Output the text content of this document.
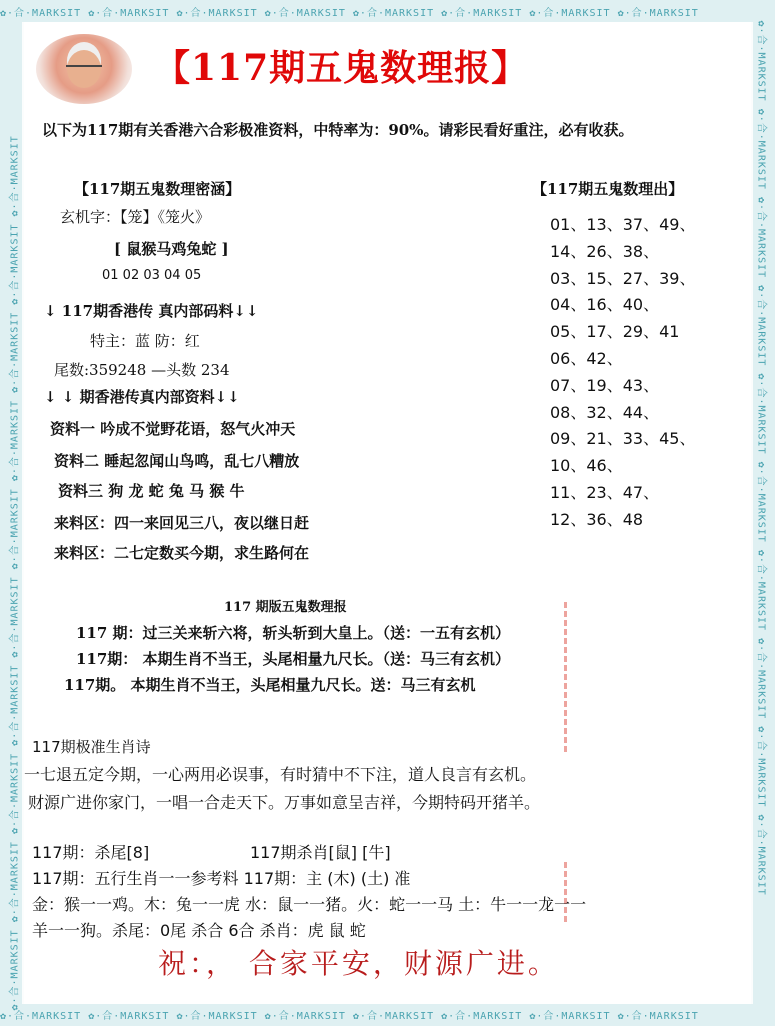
✿·合·MARKSIT ✿·合·MARKSIT ✿·合·MARKSIT ✿·合·MARKSIT ✿·合·MARKSIT ✿·合·MARKSIT ✿·合·MARKSIT ✿·合·MARKSIT
✿·合·MARKSIT ✿·合·MARKSIT ✿·合·MARKSIT ✿·合·MARKSIT ✿·合·MARKSIT ✿·合·MARKSIT ✿·合·MARKSIT ✿·合·MARKSIT
✿·合·MARKSIT ✿·合·MARKSIT ✿·合·MARKSIT ✿·合·MARKSIT ✿·合·MARKSIT ✿·合·MARKSIT ✿·合·MARKSIT ✿·合·MARKSIT ✿·合·MARKSIT ✿·合·MARKSIT	✿·合·MARKSIT ✿·合·MARKSIT ✿·合·MARKSIT ✿·合·MARKSIT ✿·合·MARKSIT ✿·合·MARKSIT ✿·合·MARKSIT ✿·合·MARKSIT ✿·合·MARKSIT ✿·合·MARKSIT
【117期五鬼数理报】
以下为117期有关香港六合彩极准资料，中特率为：90%。请彩民看好重注，必有收获。
【117期五鬼数理密涵】
玄机字：【笼】《笼火》
[ 鼠猴马鸡兔蛇 ]
01 02 03 04 05
↓ 117期香港传 真内部码料↓↓
特主：蓝 防：红
尾数:359248 —头数 234
↓ ↓ 期香港传真内部资料↓↓
资料一 吟成不觉野花语，怒气火冲天
资料二 睡起忽闻山鸟鸣，乱七八糟放
资料三 狗 龙 蛇 兔 马 猴 牛
来料区：四一来回见三八，夜以继日赶
来料区：二七定数买今期，求生路何在
【117期五鬼数理出】
01、13、37、49、
14、26、38、
03、15、27、39、
04、16、40、
05、17、29、41
06、42、
07、19、43、
08、32、44、
09、21、33、45、
10、46、
11、23、47、
12、36、48
117 期版五鬼数理报
117 期：过三关来斩六将，斩头斩到大皇上。（送：一五有玄机）
117期： 本期生肖不当王，头尾相量九尺长。（送：马三有玄机）
117期。 本期生肖不当王，头尾相量九尺长。送：马三有玄机
117期极准生肖诗
一七退五定今期，一心两用必误事，有时猜中不下注，道人良言有玄机。
财源广进你家门，一唱一合走天下。万事如意呈吉祥，今期特码开猪羊。
117期：杀尾[8]	117期杀肖[鼠] [牛]
117期：五行生肖一一参考料 117期：主 (木) (土) 准
金：猴一一鸡。木：兔一一虎 水：鼠一一猪。火：蛇一一马 土：牛一一龙一一
羊一一狗。杀尾：0尾 杀合 6合 杀肖：虎 鼠 蛇
祝：， 合家平安，财源广进。
